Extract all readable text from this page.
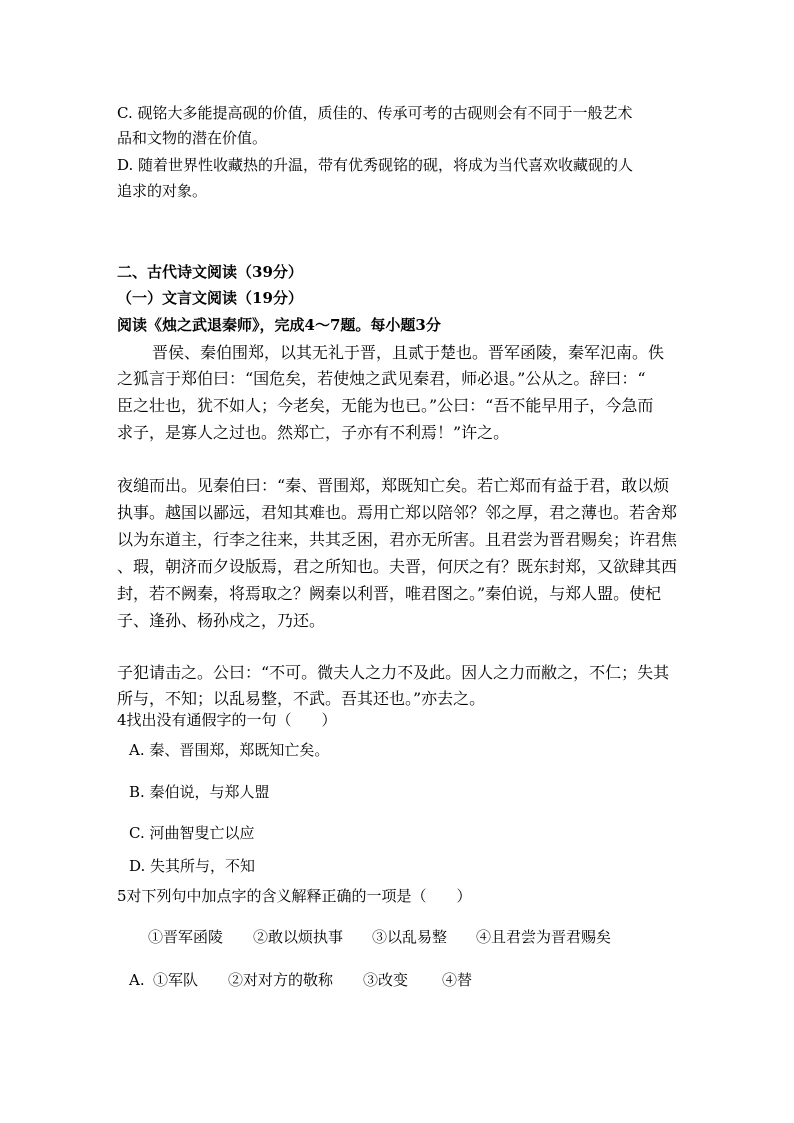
C. 砚铭大多能提高砚的价值，质佳的、传承可考的古砚则会有不同于一般艺术
品和文物的潜在价值。
D. 随着世界性收藏热的升温，带有优秀砚铭的砚，将成为当代喜欢收藏砚的人
追求的对象。
二、古代诗文阅读（39分）
（一）文言文阅读（19分）
阅读《烛之武退秦师》，完成4～7题。每小题3分
晋侯、秦伯围郑，以其无礼于晋，且贰于楚也。晋军函陵，秦军氾南。佚
之狐言于郑伯曰：“国危矣，若使烛之武见秦君，师必退。”公从之。辞曰：“
臣之壮也，犹不如人；今老矣，无能为也已。”公曰：“吾不能早用子，今急而
求子，是寡人之过也。然郑亡，子亦有不利焉！”许之。
夜缒而出。见秦伯曰：“秦、晋围郑，郑既知亡矣。若亡郑而有益于君，敢以烦
执事。越国以鄙远，君知其难也。焉用亡郑以陪邻？邻之厚，君之薄也。若舍郑
以为东道主，行李之往来，共其乏困，君亦无所害。且君尝为晋君赐矣；许君焦
、瑕，朝济而夕设版焉，君之所知也。夫晋，何厌之有？既东封郑，又欲肆其西
封，若不阙秦，将焉取之？阙秦以利晋，唯君图之。”秦伯说，与郑人盟。使杞
子、逢孙、杨孙戍之，乃还。
子犯请击之。公曰：“不可。微夫人之力不及此。因人之力而敝之，不仁；失其
所与，不知；以乱易整，不武。吾其还也。”亦去之。
4找出没有通假字的一句（　　）
A. 秦、晋围郑，郑既知亡矣。
B. 秦伯说，与郑人盟
C. 河曲智叟亡以应
D. 失其所与，不知
5对下列句中加点字的含义解释正确的一项是（　　）
①晋军函陵 ②敢以烦执事 ③以乱易整 ④且君尝为晋君赐矣
A. ①军队 ②对对方的敬称 ③改变 ④替
